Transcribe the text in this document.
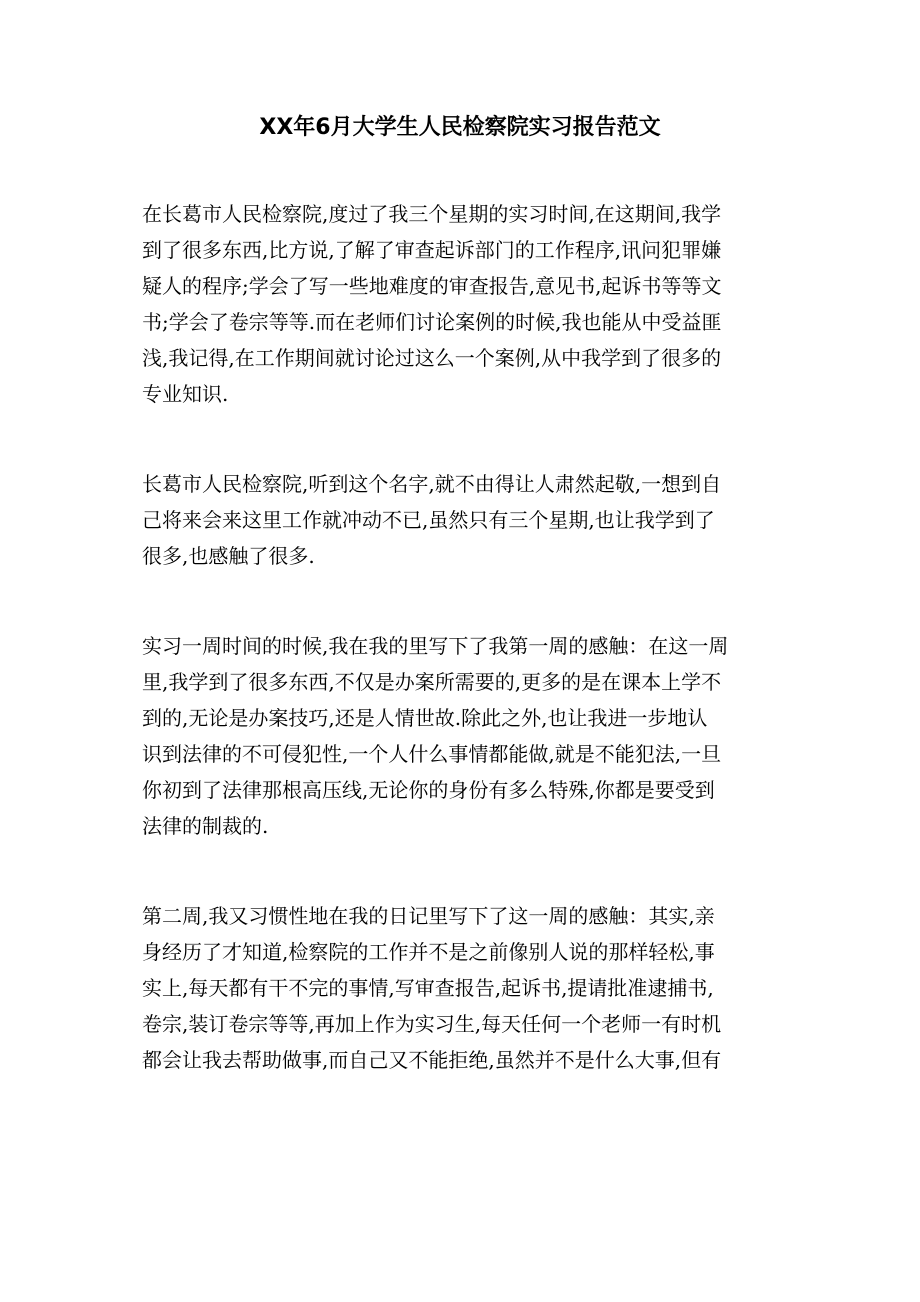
XX年6月大学生人民检察院实习报告范文

在长葛市人民检察院,度过了我三个星期的实习时间,在这期间,我学
到了很多东西,比方说,了解了审查起诉部门的工作程序,讯问犯罪嫌
疑人的程序;学会了写一些地难度的审查报告,意见书,起诉书等等文
书;学会了卷宗等等.而在老师们讨论案例的时候,我也能从中受益匪
浅,我记得,在工作期间就讨论过这么一个案例,从中我学到了很多的
专业知识.

长葛市人民检察院,听到这个名字,就不由得让人肃然起敬,一想到自
己将来会来这里工作就冲动不已,虽然只有三个星期,也让我学到了
很多,也感触了很多.

实习一周时间的时候,我在我的里写下了我第一周的感触：在这一周
里,我学到了很多东西,不仅是办案所需要的,更多的是在课本上学不
到的,无论是办案技巧,还是人情世故.除此之外,也让我进一步地认
识到法律的不可侵犯性,一个人什么事情都能做,就是不能犯法,一旦
你初到了法律那根高压线,无论你的身份有多么特殊,你都是要受到
法律的制裁的.

第二周,我又习惯性地在我的日记里写下了这一周的感触：其实,亲
身经历了才知道,检察院的工作并不是之前像别人说的那样轻松,事
实上,每天都有干不完的事情,写审查报告,起诉书,提请批准逮捕书,
卷宗,装订卷宗等等,再加上作为实习生,每天任何一个老师一有时机
都会让我去帮助做事,而自己又不能拒绝,虽然并不是什么大事,但有
